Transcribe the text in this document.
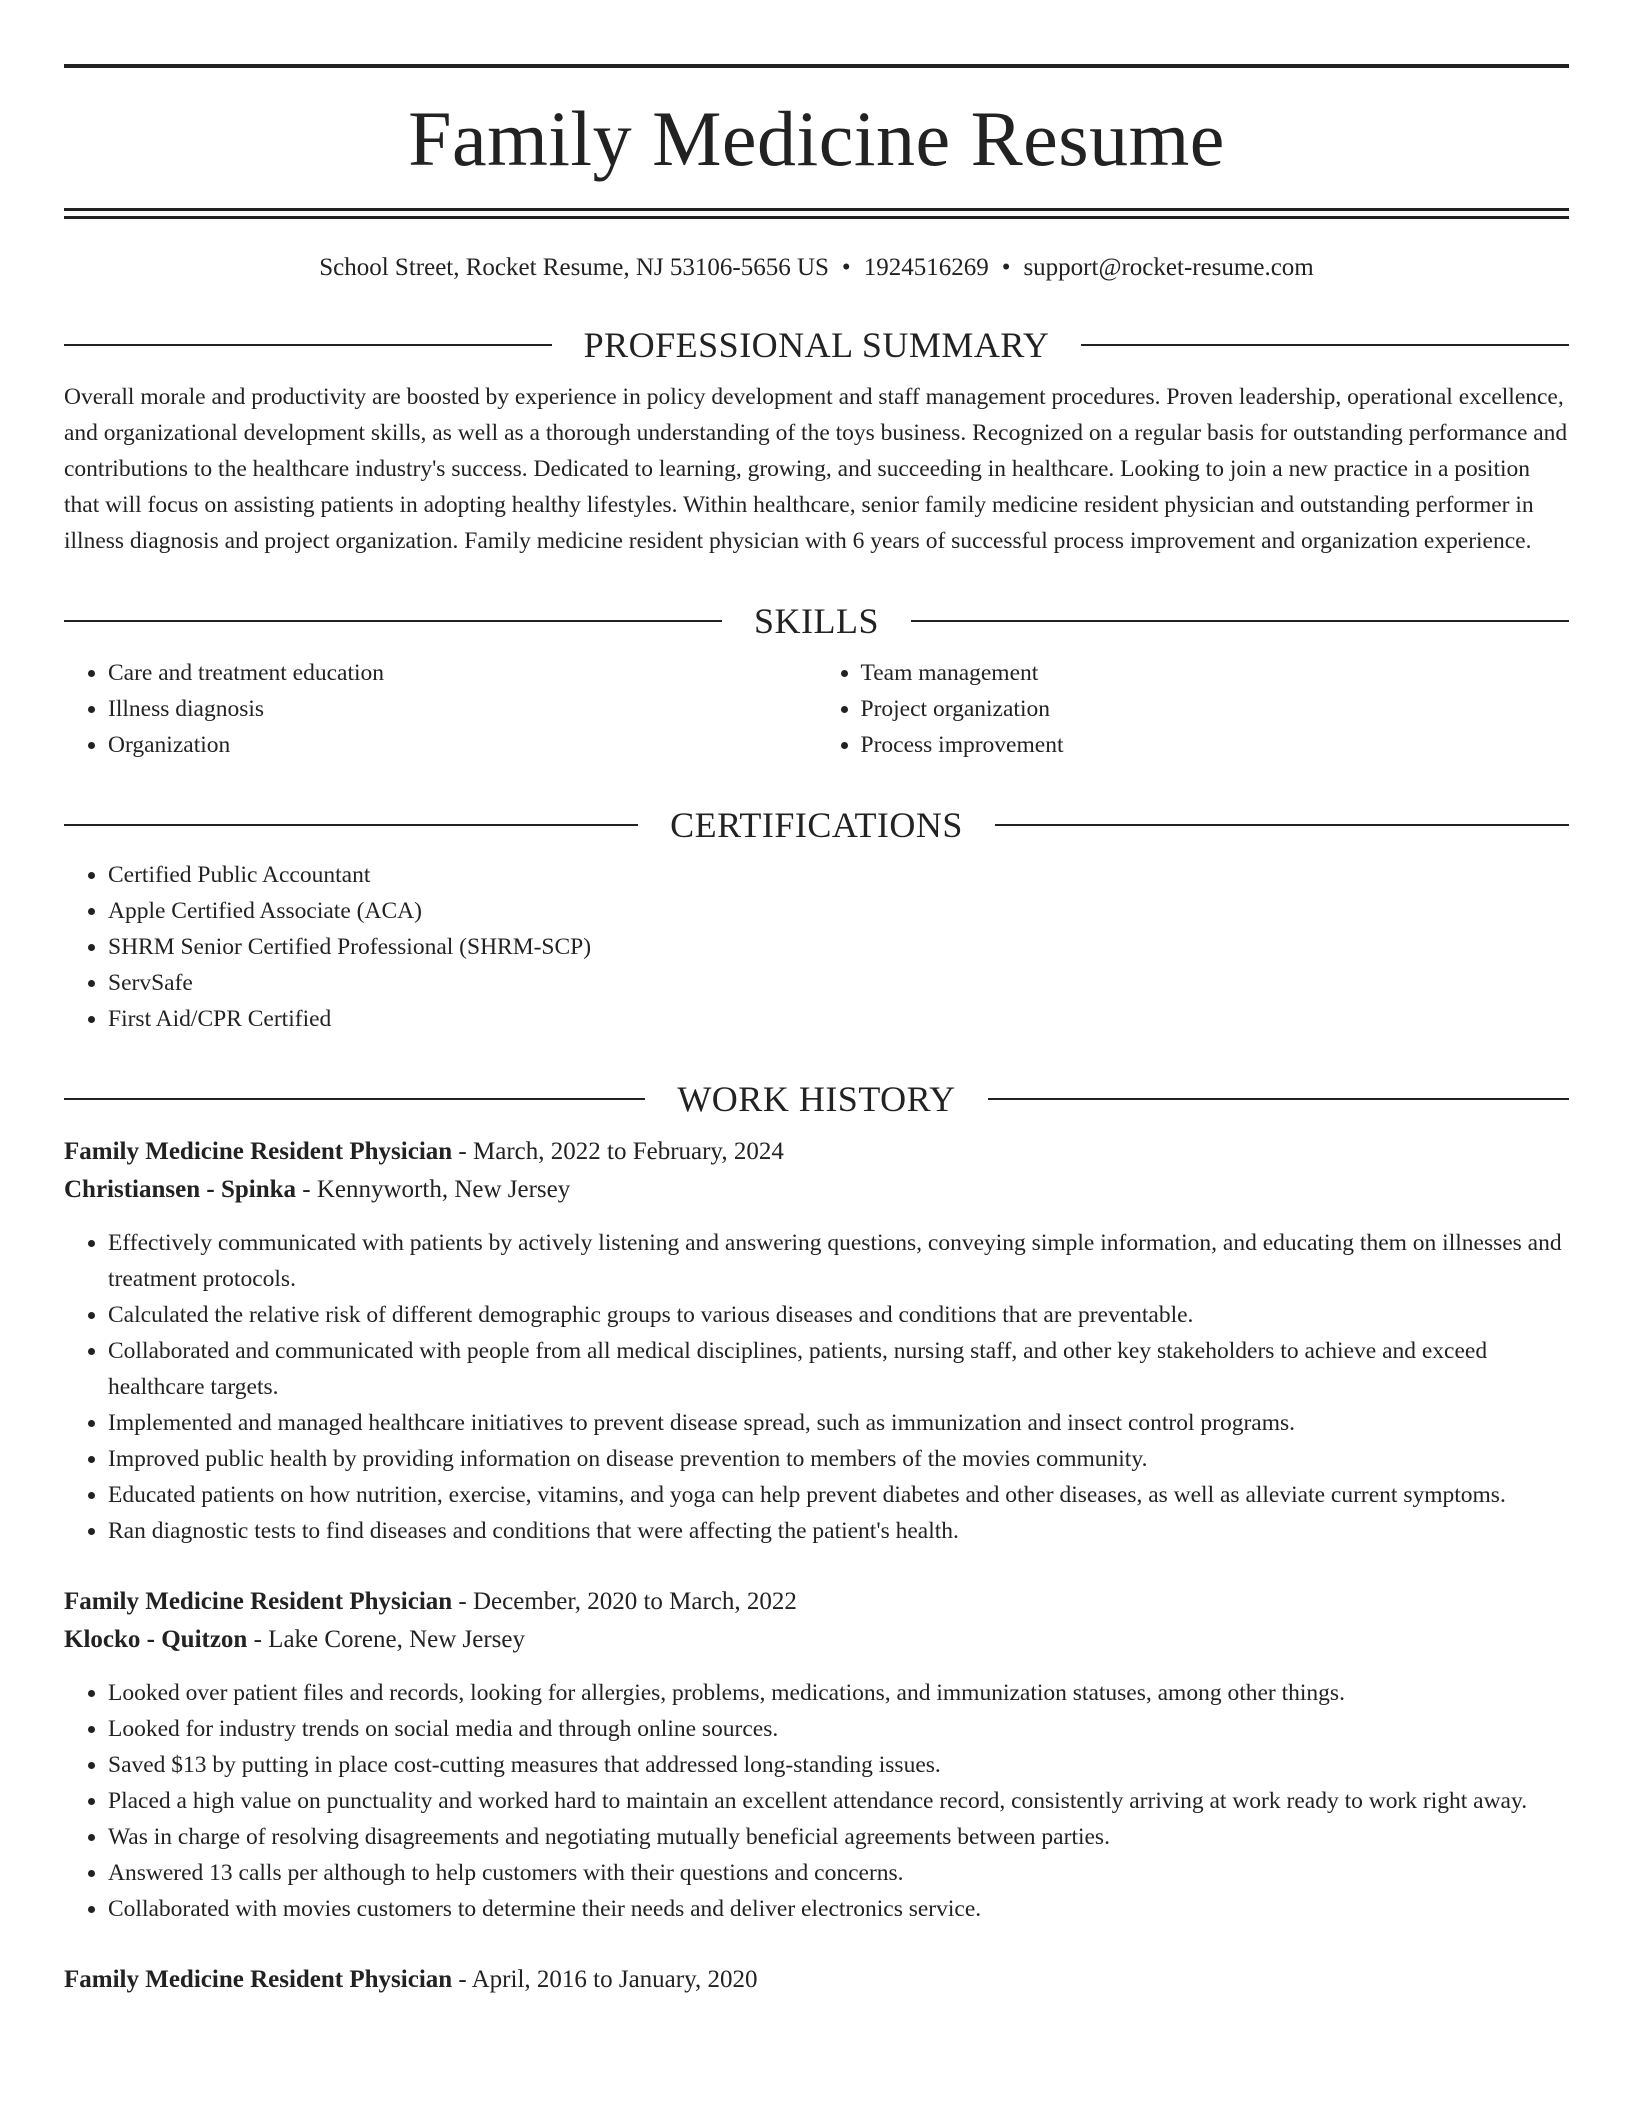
Family Medicine Resume
School Street, Rocket Resume, NJ 53106-5656 US • 1924516269 • support@rocket-resume.com
PROFESSIONAL SUMMARY

Overall morale and productivity are boosted by experience in policy development and staff management procedures. Proven leadership, operational excellence, and organizational development skills, as well as a thorough understanding of the toys business. Recognized on a regular basis for outstanding performance and contributions to the healthcare industry's success. Dedicated to learning, growing, and succeeding in healthcare. Looking to join a new practice in a position that will focus on assisting patients in adopting healthy lifestyles. Within healthcare, senior family medicine resident physician and outstanding performer in illness diagnosis and project organization. Family medicine resident physician with 6 years of successful process improvement and organization experience.

SKILLS
• Care and treatment education
• Illness diagnosis
• Organization
• Team management
• Project organization
• Process improvement
CERTIFICATIONS
• Certified Public Accountant
• Apple Certified Associate (ACA)
• SHRM Senior Certified Professional (SHRM-SCP)
• ServSafe
• First Aid/CPR Certified
WORK HISTORY
Family Medicine Resident Physician - March, 2022 to February, 2024
Christiansen - Spinka - Kennyworth, New Jersey
• Effectively communicated with patients by actively listening and answering questions, conveying simple information, and educating them on illnesses and treatment protocols.
• Calculated the relative risk of different demographic groups to various diseases and conditions that are preventable.
• Collaborated and communicated with people from all medical disciplines, patients, nursing staff, and other key stakeholders to achieve and exceed healthcare targets.
• Implemented and managed healthcare initiatives to prevent disease spread, such as immunization and insect control programs.
• Improved public health by providing information on disease prevention to members of the movies community.
• Educated patients on how nutrition, exercise, vitamins, and yoga can help prevent diabetes and other diseases, as well as alleviate current symptoms.
• Ran diagnostic tests to find diseases and conditions that were affecting the patient's health.
Family Medicine Resident Physician - December, 2020 to March, 2022
Klocko - Quitzon - Lake Corene, New Jersey
• Looked over patient files and records, looking for allergies, problems, medications, and immunization statuses, among other things.
• Looked for industry trends on social media and through online sources.
• Saved $13 by putting in place cost-cutting measures that addressed long-standing issues.
• Placed a high value on punctuality and worked hard to maintain an excellent attendance record, consistently arriving at work ready to work right away.
• Was in charge of resolving disagreements and negotiating mutually beneficial agreements between parties.
• Answered 13 calls per although to help customers with their questions and concerns.
• Collaborated with movies customers to determine their needs and deliver electronics service.
Family Medicine Resident Physician - April, 2016 to January, 2020
